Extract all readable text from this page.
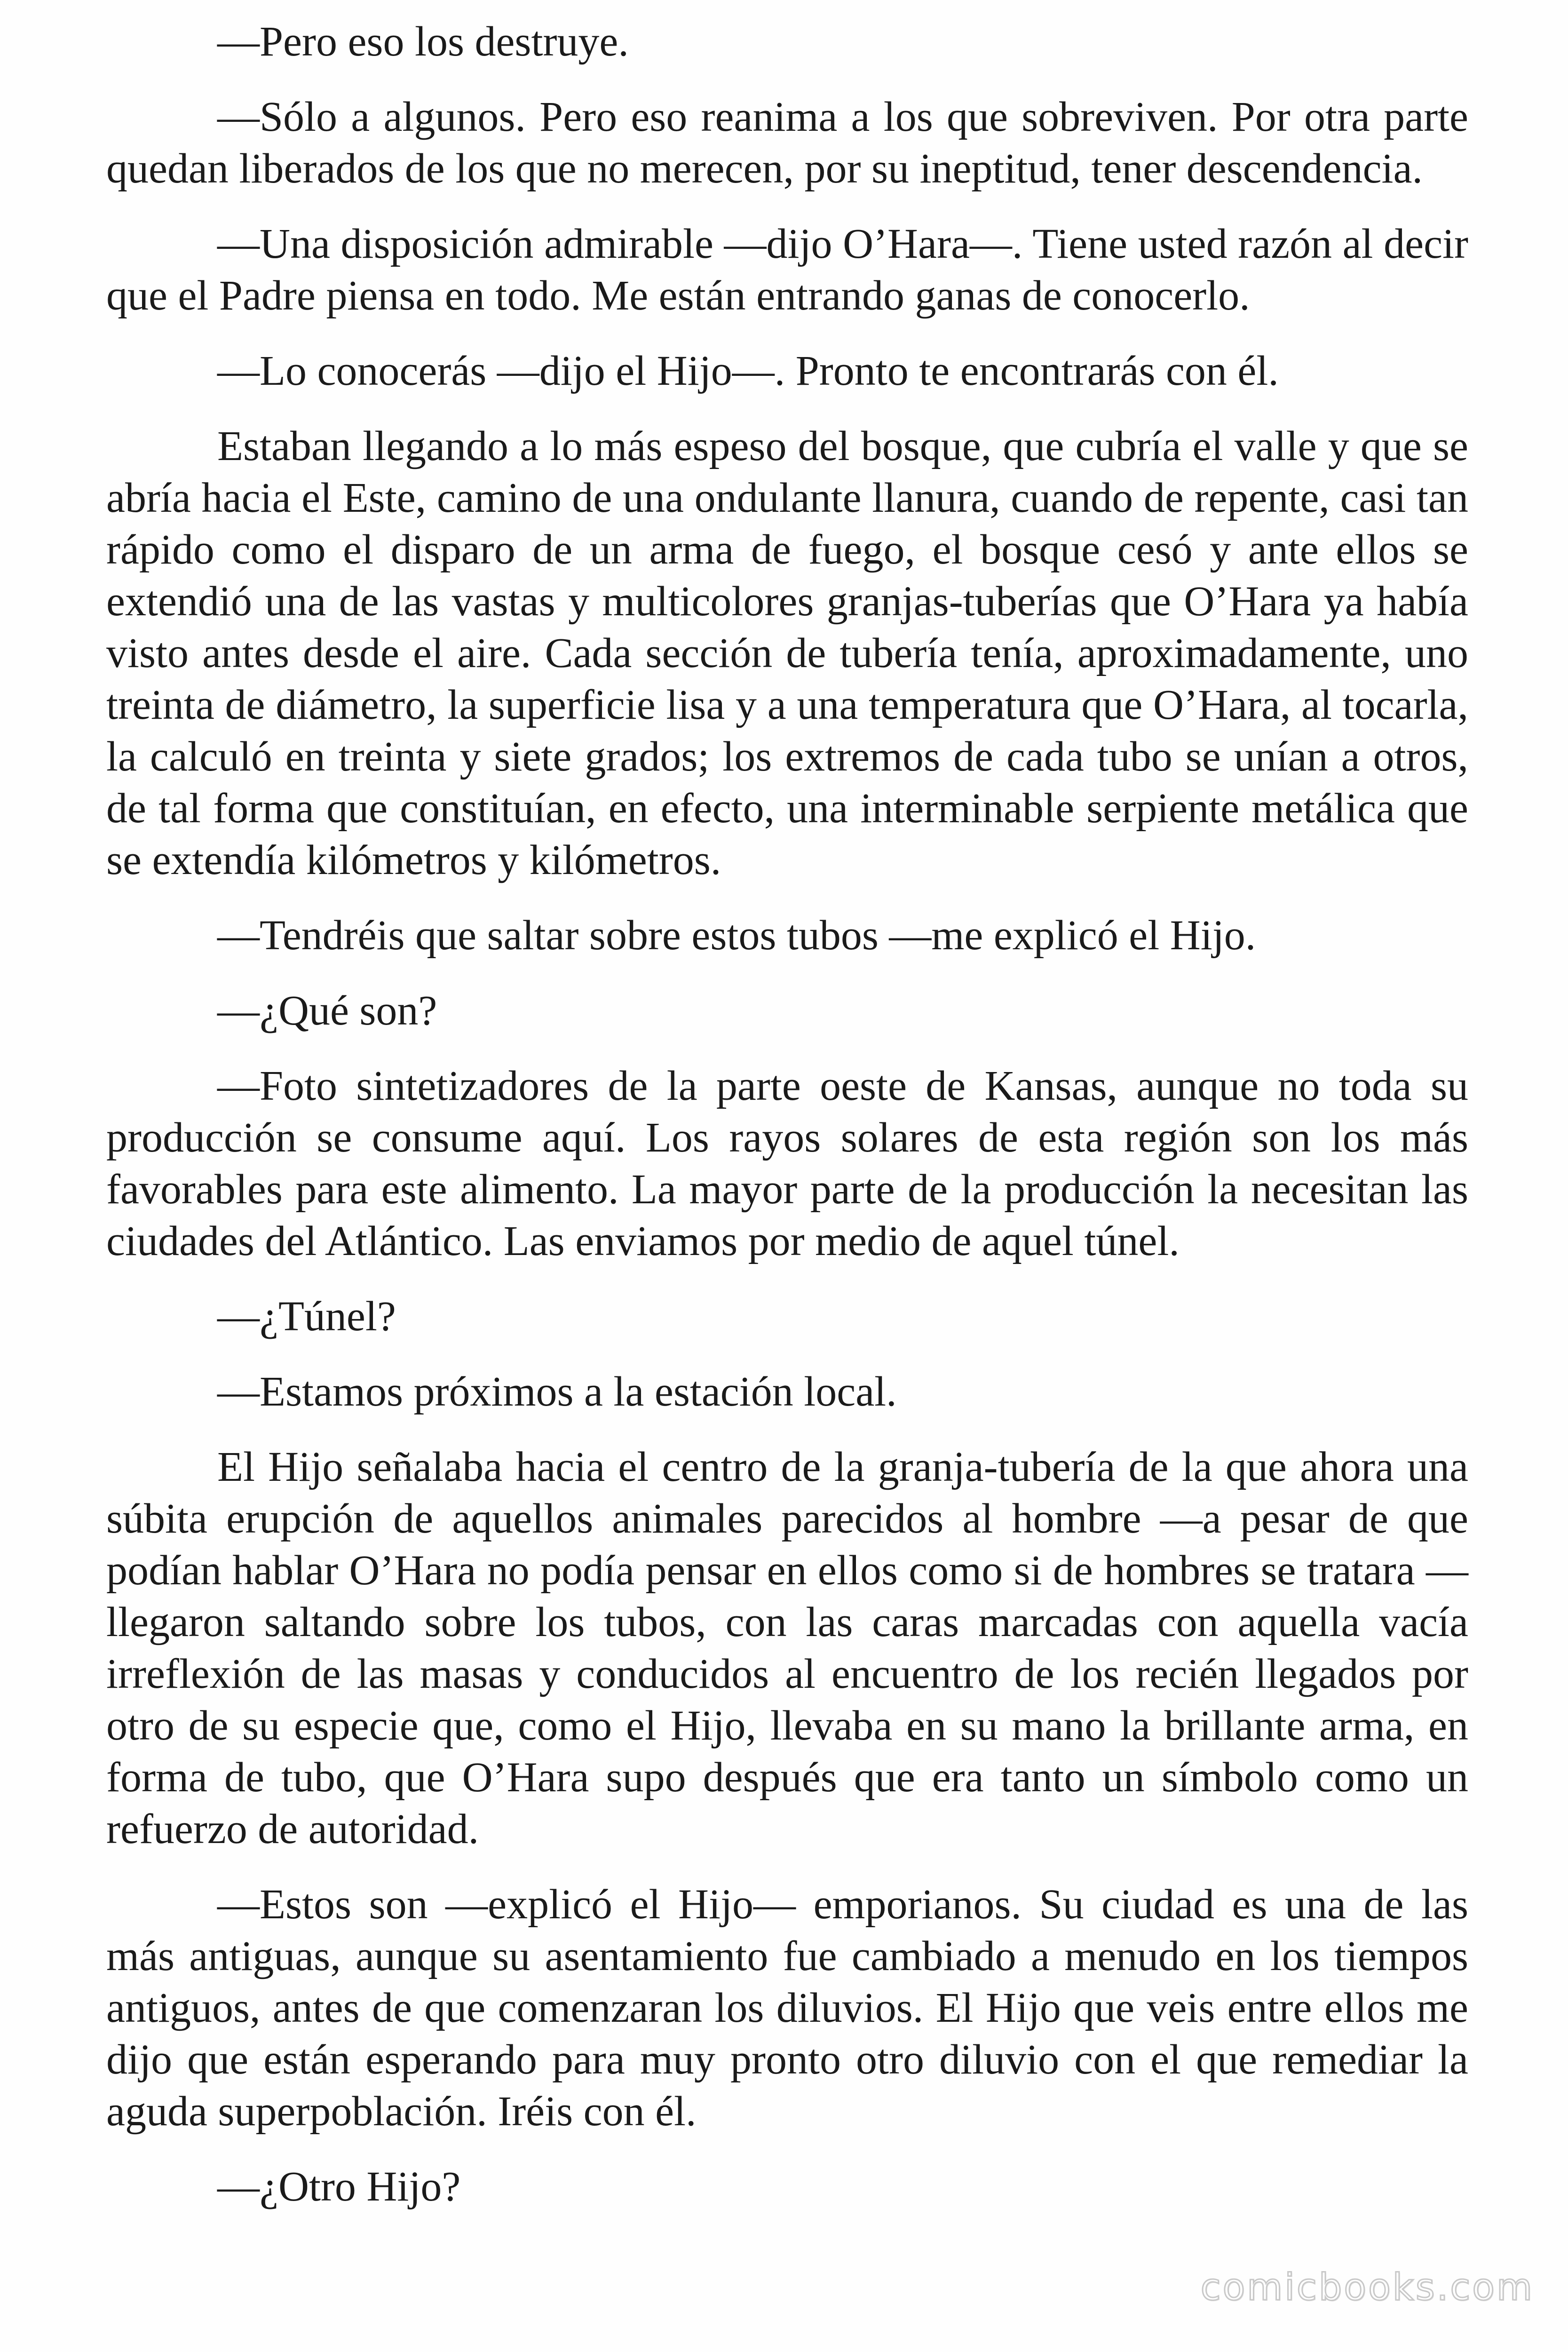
—Pero eso los destruye.

—Sólo a algunos. Pero eso reanima a los que sobreviven. Por otra parte quedan liberados de los que no merecen, por su ineptitud, tener descendencia.

—Una disposición admirable —dijo O’Hara—. Tiene usted razón al decir que el Padre piensa en todo. Me están entrando ganas de conocerlo.

—Lo conocerás —dijo el Hijo—. Pronto te encontrarás con él.

Estaban llegando a lo más espeso del bosque, que cubría el valle y que se abría hacia el Este, camino de una ondulante llanura, cuando de repente, casi tan rápido como el disparo de un arma de fuego, el bosque cesó y ante ellos se extendió una de las vastas y multicolores granjas-tuberías que O’Hara ya había visto antes desde el aire. Cada sección de tubería tenía, aproximadamente, uno treinta de diámetro, la superficie lisa y a una temperatura que O’Hara, al tocarla, la calculó en treinta y siete grados; los extremos de cada tubo se unían a otros, de tal forma que constituían, en efecto, una interminable serpiente metálica que se extendía kilómetros y kilómetros.

—Tendréis que saltar sobre estos tubos —me explicó el Hijo.

—¿Qué son?

—Foto sintetizadores de la parte oeste de Kansas, aunque no toda su producción se consume aquí. Los rayos solares de esta región son los más favorables para este alimento. La mayor parte de la producción la necesitan las ciudades del Atlántico. Las enviamos por medio de aquel túnel.

—¿Túnel?

—Estamos próximos a la estación local.

El Hijo señalaba hacia el centro de la granja-tubería de la que ahora una súbita erupción de aquellos animales parecidos al hombre —a pesar de que podían hablar O’Hara no podía pensar en ellos como si de hombres se tratara — llegaron saltando sobre los tubos, con las caras marcadas con aquella vacía irreflexión de las masas y conducidos al encuentro de los recién llegados por otro de su especie que, como el Hijo, llevaba en su mano la brillante arma, en forma de tubo, que O’Hara supo después que era tanto un símbolo como un refuerzo de autoridad.

—Estos son —explicó el Hijo— emporianos. Su ciudad es una de las más antiguas, aunque su asentamiento fue cambiado a menudo en los tiempos antiguos, antes de que comenzaran los diluvios. El Hijo que veis entre ellos me dijo que están esperando para muy pronto otro diluvio con el que remediar la aguda superpoblación. Iréis con él.

—¿Otro Hijo?

comicbooks.com
